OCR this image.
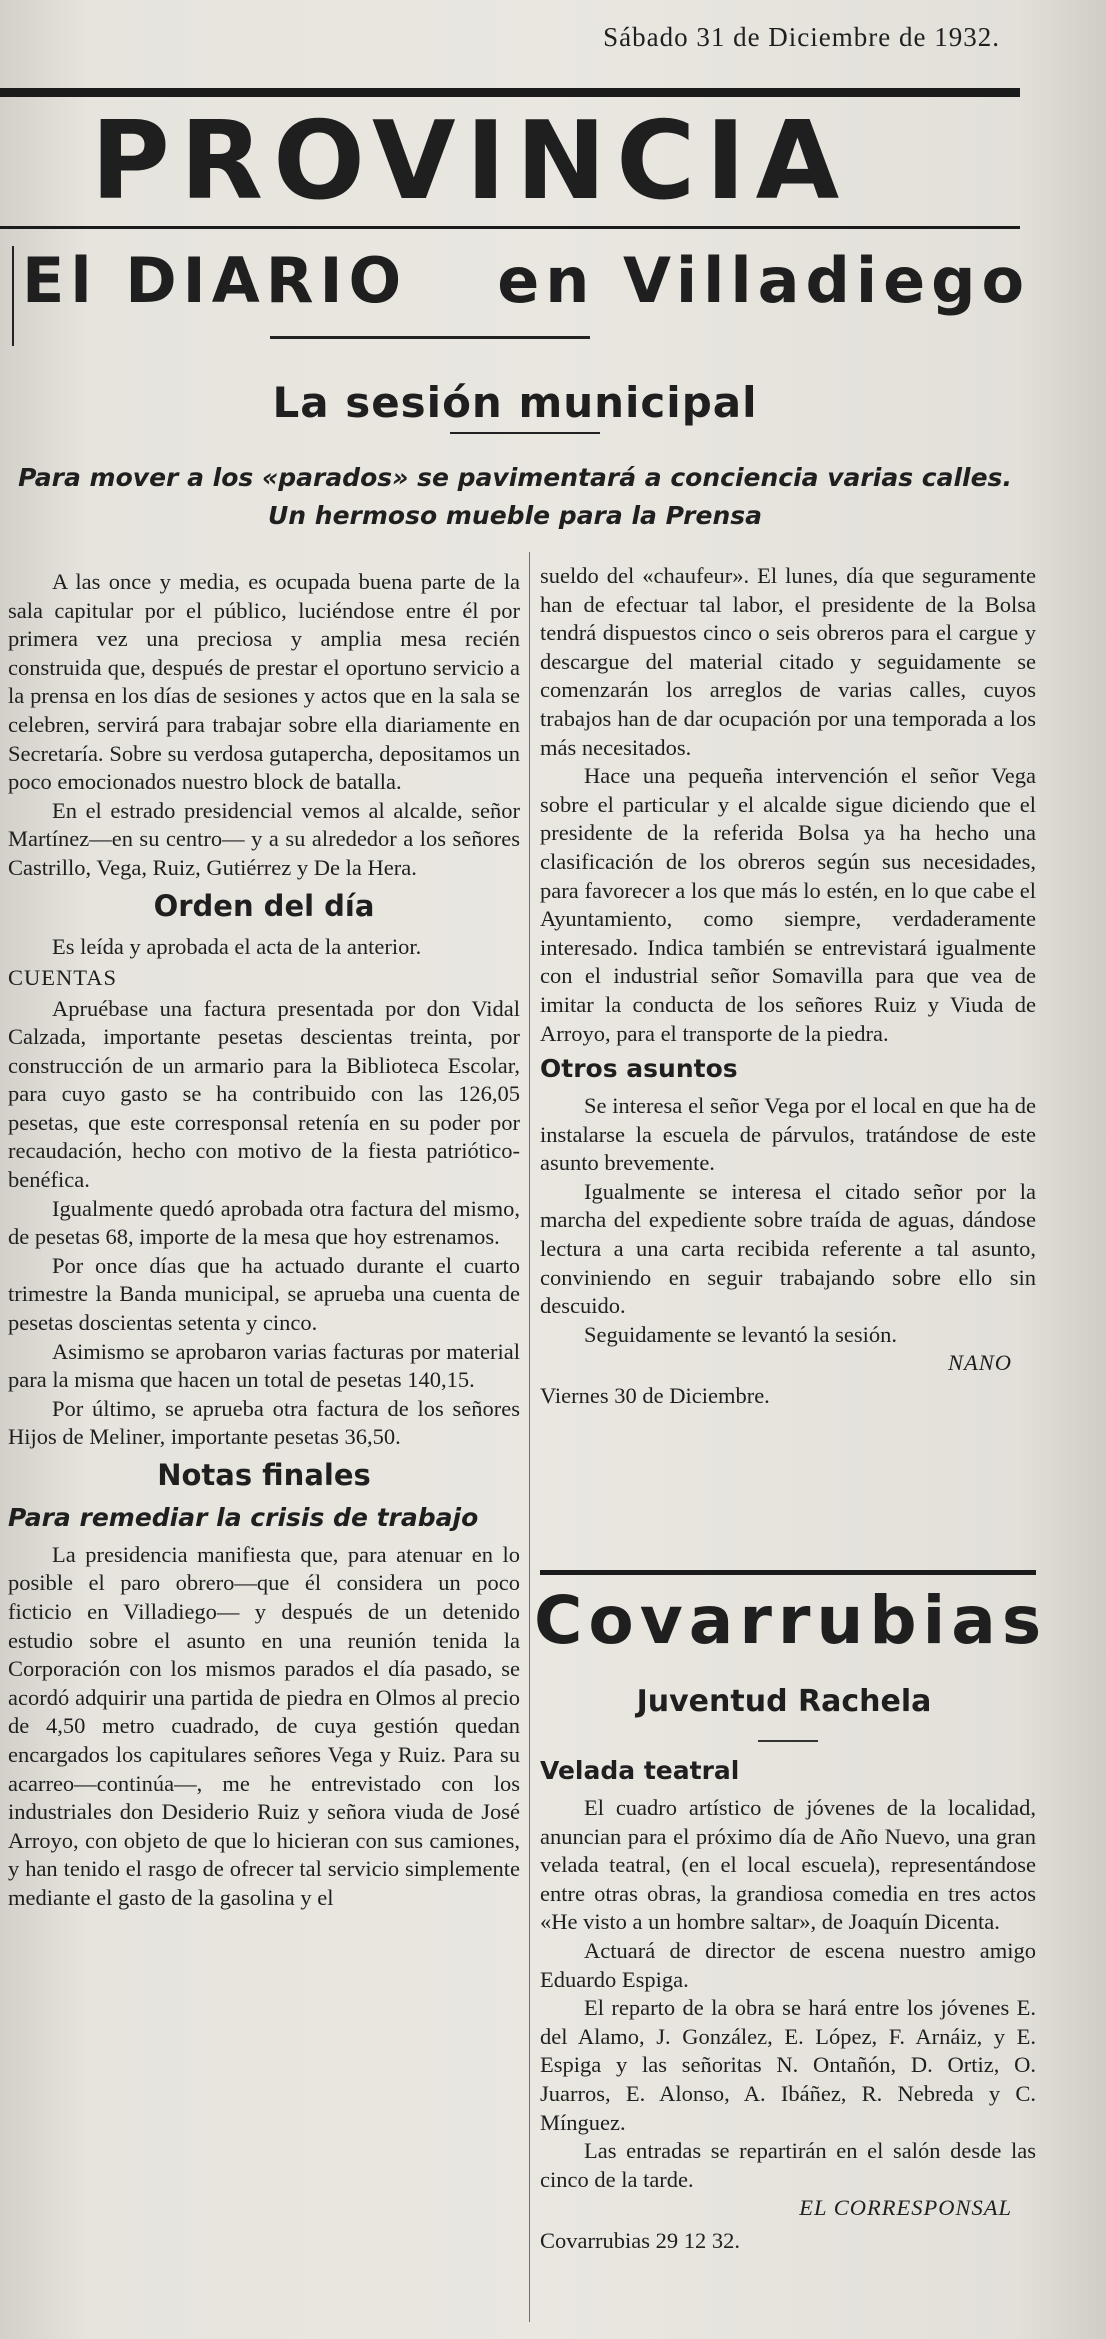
Sábado 31 de Diciembre de 1932.
PROVINCIA
El DIARIO en Villadiego
La sesión municipal
Para mover a los «parados» se pavimentará a conciencia varias calles.
Un hermoso mueble para la Prensa

A las once y media, es ocupada buena parte de la sala capitular por el público, luciéndose entre él por primera vez una preciosa y amplia mesa recién construida que, después de prestar el oportuno servicio a la prensa en los días de sesiones y actos que en la sala se celebren, servirá para trabajar sobre ella diariamente en Secretaría. Sobre su verdosa gutapercha, depositamos un poco emocionados nuestro block de batalla.

En el estrado presidencial vemos al alcalde, señor Martínez—en su centro— y a su alrededor a los señores Castrillo, Vega, Ruiz, Gutiérrez y De la Hera.

Orden del día

Es leída y aprobada el acta de la anterior.

CUENTAS

Apruébase una factura presentada por don Vidal Calzada, importante pesetas descientas treinta, por construcción de un armario para la Biblioteca Escolar, para cuyo gasto se ha contribuido con las 126,05 pesetas, que este corresponsal retenía en su poder por recaudación, hecho con motivo de la fiesta patriótico-benéfica.

Igualmente quedó aprobada otra factura del mismo, de pesetas 68, importe de la mesa que hoy estrenamos.

Por once días que ha actuado durante el cuarto trimestre la Banda municipal, se aprueba una cuenta de pesetas doscientas setenta y cinco.

Asimismo se aprobaron varias facturas por material para la misma que hacen un total de pesetas 140,15.

Por último, se aprueba otra factura de los señores Hijos de Meliner, importante pesetas 36,50.

Notas finales
Para remediar la crisis de trabajo

La presidencia manifiesta que, para atenuar en lo posible el paro obrero—que él considera un poco ficticio en Villadiego— y después de un detenido estudio sobre el asunto en una reunión tenida la Corporación con los mismos parados el día pasado, se acordó adquirir una partida de piedra en Olmos al precio de 4,50 metro cuadrado, de cuya gestión quedan encargados los capitulares señores Vega y Ruiz. Para su acarreo—continúa—, me he entrevistado con los industriales don Desiderio Ruiz y señora viuda de José Arroyo, con objeto de que lo hicieran con sus camiones, y han tenido el rasgo de ofrecer tal servicio simplemente mediante el gasto de la gasolina y el

sueldo del «chaufeur». El lunes, día que seguramente han de efectuar tal labor, el presidente de la Bolsa tendrá dispuestos cinco o seis obreros para el cargue y descargue del material citado y seguidamente se comenzarán los arreglos de varias calles, cuyos trabajos han de dar ocupación por una temporada a los más necesitados.

Hace una pequeña intervención el señor Vega sobre el particular y el alcalde sigue diciendo que el presidente de la referida Bolsa ya ha hecho una clasificación de los obreros según sus necesidades, para favorecer a los que más lo estén, en lo que cabe el Ayuntamiento, como siempre, verdaderamente interesado. Indica también se entrevistará igualmente con el industrial señor Somavilla para que vea de imitar la conducta de los señores Ruiz y Viuda de Arroyo, para el transporte de la piedra.

Otros asuntos

Se interesa el señor Vega por el local en que ha de instalarse la escuela de párvulos, tratándose de este asunto brevemente.

Igualmente se interesa el citado señor por la marcha del expediente sobre traída de aguas, dándose lectura a una carta recibida referente a tal asunto, conviniendo en seguir trabajando sobre ello sin descuido.

Seguidamente se levantó la sesión.

NANO
Viernes 30 de Diciembre.
Covarrubias
Juventud Rachela
Velada teatral

El cuadro artístico de jóvenes de la localidad, anuncian para el próximo día de Año Nuevo, una gran velada teatral, (en el local escuela), representándose entre otras obras, la grandiosa comedia en tres actos «He visto a un hombre saltar», de Joaquín Dicenta.

Actuará de director de escena nuestro amigo Eduardo Espiga.

El reparto de la obra se hará entre los jóvenes E. del Alamo, J. González, E. López, F. Arnáiz, y E. Espiga y las señoritas N. Ontañón, D. Ortiz, O. Juarros, E. Alonso, A. Ibáñez, R. Nebreda y C. Mínguez.

Las entradas se repartirán en el salón desde las cinco de la tarde.

EL CORRESPONSAL
Covarrubias 29 12 32.
